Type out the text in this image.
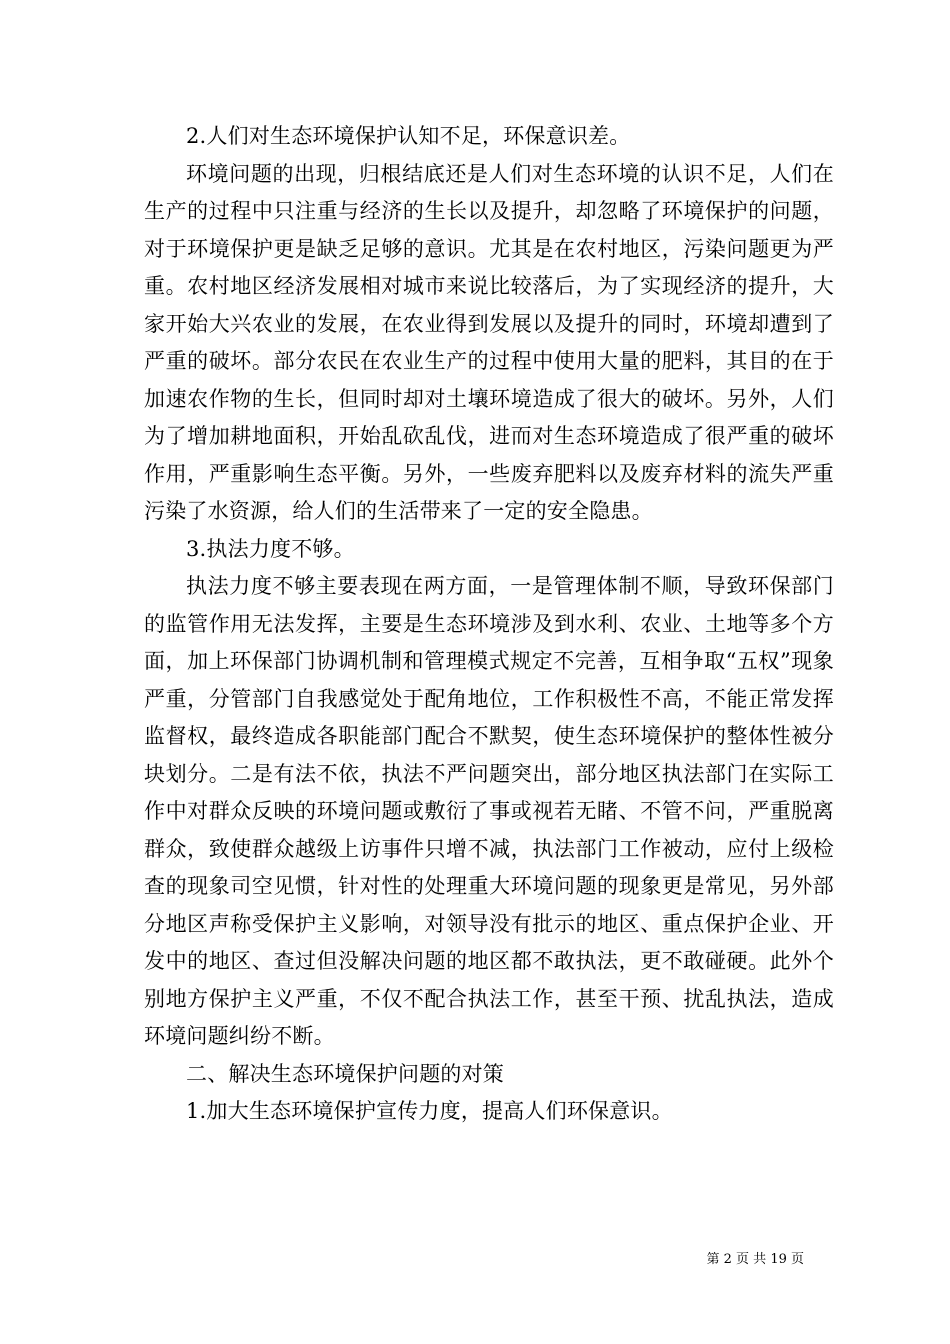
2.人们对生态环境保护认知不足，环保意识差。

环境问题的出现，归根结底还是人们对生态环境的认识不足，人们在生产的过程中只注重与经济的生长以及提升，却忽略了环境保护的问题，对于环境保护更是缺乏足够的意识。尤其是在农村地区，污染问题更为严重。农村地区经济发展相对城市来说比较落后，为了实现经济的提升，大家开始大兴农业的发展，在农业得到发展以及提升的同时，环境却遭到了严重的破坏。部分农民在农业生产的过程中使用大量的肥料，其目的在于加速农作物的生长，但同时却对土壤环境造成了很大的破坏。另外，人们为了增加耕地面积，开始乱砍乱伐，进而对生态环境造成了很严重的破坏作用，严重影响生态平衡。另外，一些废弃肥料以及废弃材料的流失严重污染了水资源，给人们的生活带来了一定的安全隐患。

3.执法力度不够。

执法力度不够主要表现在两方面，一是管理体制不顺，导致环保部门的监管作用无法发挥，主要是生态环境涉及到水利、农业、土地等多个方面，加上环保部门协调机制和管理模式规定不完善，互相争取“五权”现象严重，分管部门自我感觉处于配角地位，工作积极性不高，不能正常发挥监督权，最终造成各职能部门配合不默契，使生态环境保护的整体性被分块划分。二是有法不依，执法不严问题突出，部分地区执法部门在实际工作中对群众反映的环境问题或敷衍了事或视若无睹、不管不问，严重脱离群众，致使群众越级上访事件只增不减，执法部门工作被动，应付上级检查的现象司空见惯，针对性的处理重大环境问题的现象更是常见，另外部分地区声称受保护主义影响，对领导没有批示的地区、重点保护企业、开发中的地区、查过但没解决问题的地区都不敢执法，更不敢碰硬。此外个别地方保护主义严重，不仅不配合执法工作，甚至干预、扰乱执法，造成环境问题纠纷不断。

二、解决生态环境保护问题的对策

1.加大生态环境保护宣传力度，提高人们环保意识。

第 2 页 共 19 页
